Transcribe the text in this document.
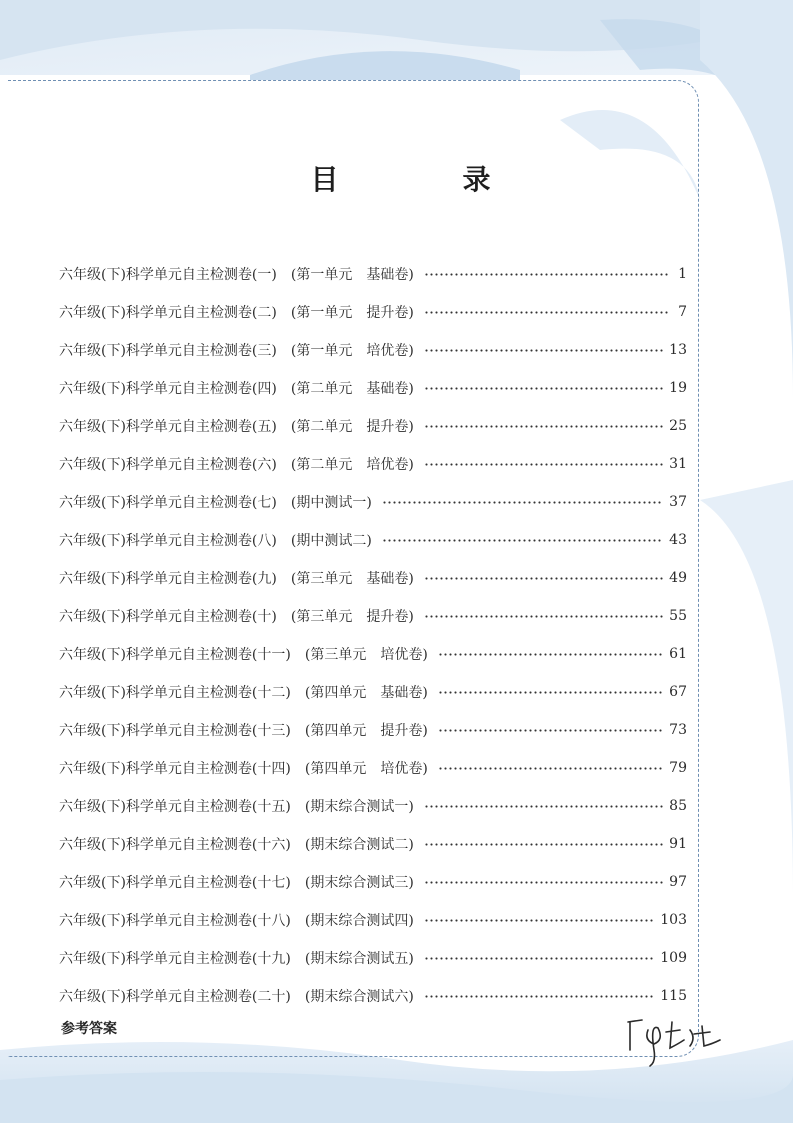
目　录
六年级(下)科学单元自主检测卷(一) (第一单元　基础卷)	1
六年级(下)科学单元自主检测卷(二) (第一单元　提升卷)	7
六年级(下)科学单元自主检测卷(三) (第一单元　培优卷)	13
六年级(下)科学单元自主检测卷(四) (第二单元　基础卷)	19
六年级(下)科学单元自主检测卷(五) (第二单元　提升卷)	25
六年级(下)科学单元自主检测卷(六) (第二单元　培优卷)	31
六年级(下)科学单元自主检测卷(七) (期中测试一)	37
六年级(下)科学单元自主检测卷(八) (期中测试二)	43
六年级(下)科学单元自主检测卷(九) (第三单元　基础卷)	49
六年级(下)科学单元自主检测卷(十) (第三单元　提升卷)	55
六年级(下)科学单元自主检测卷(十一) (第三单元　培优卷)	61
六年级(下)科学单元自主检测卷(十二) (第四单元　基础卷)	67
六年级(下)科学单元自主检测卷(十三) (第四单元　提升卷)	73
六年级(下)科学单元自主检测卷(十四) (第四单元　培优卷)	79
六年级(下)科学单元自主检测卷(十五) (期末综合测试一)	85
六年级(下)科学单元自主检测卷(十六) (期末综合测试二)	91
六年级(下)科学单元自主检测卷(十七) (期末综合测试三)	97
六年级(下)科学单元自主检测卷(十八) (期末综合测试四)	103
六年级(下)科学单元自主检测卷(十九) (期末综合测试五)	109
六年级(下)科学单元自主检测卷(二十) (期末综合测试六)	115
参考答案
